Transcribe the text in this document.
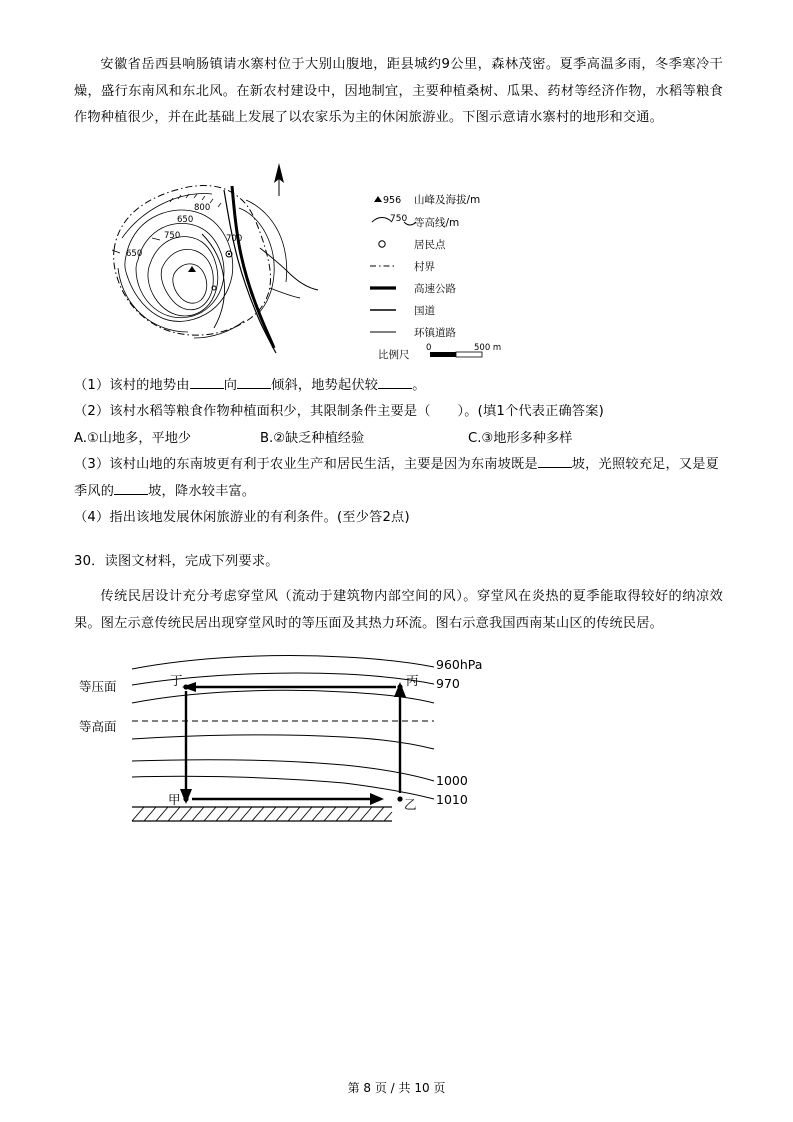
安徽省岳西县响肠镇请水寨村位于大别山腹地，距县城约9公里，森林茂密。夏季高温多雨，冬季寒冷干燥，盛行东南风和东北风。在新农村建设中，因地制宜，主要种植桑树、瓜果、药材等经济作物，水稻等粮食作物种植很少，并在此基础上发展了以农家乐为主的休闲旅游业。下图示意请水寨村的地形和交通。

800
650
750	700
650
956 山峰及海拔/m
750 等高线/m
居民点
村界
高速公路
国道
环镇道路
比例尺
0	500 m

（1）该村的地势由	向	倾斜，地势起伏较	。

（2）该村水稻等粮食作物种植面积少，其限制条件主要是（　　）。(填1个代表正确答案)

A.①山地多，平地少	B.②缺乏种植经验	C.③地形多种多样

（3）该村山地的东南坡更有利于农业生产和居民生活，主要是因为东南坡既是	坡，光照较充足，又是夏季风的	坡，降水较丰富。

（4）指出该地发展休闲旅游业的有利条件。(至少答2点)

30．读图文材料，完成下列要求。

传统民居设计充分考虑穿堂风（流动于建筑物内部空间的风）。穿堂风在炎热的夏季能取得较好的纳凉效果。图左示意传统民居出现穿堂风时的等压面及其热力环流。图右示意我国西南某山区的传统民居。

等压面
等高面
丁	丙
甲	乙
960hPa
970
1000
1010
第 8 页 / 共 10 页
